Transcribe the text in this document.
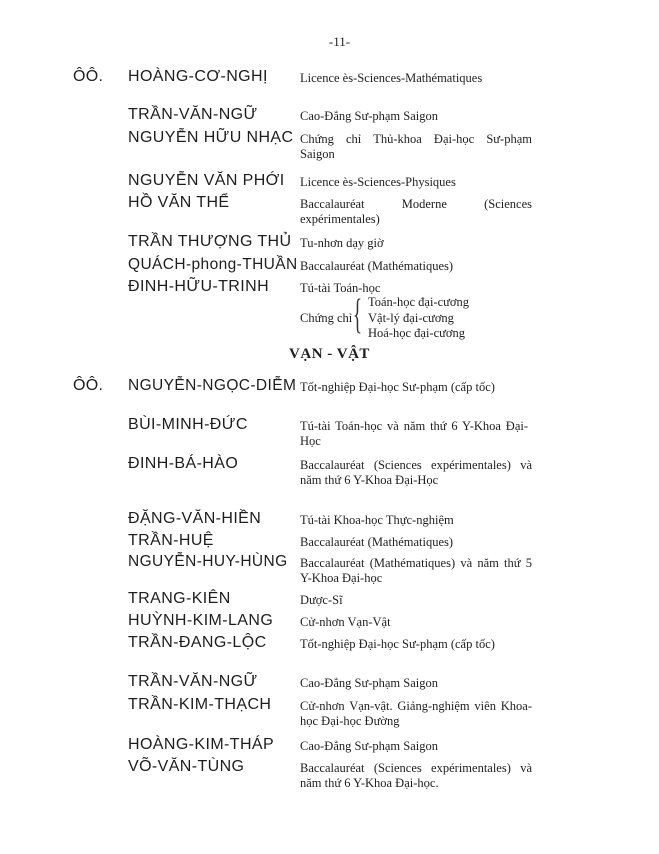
-11-
ÔÔ. HOÀNG-CƠ-NGHỊ	Licence ès-Sciences-Mathématiques
TRẦN-VĂN-NGỮ	Cao-Đẳng Sư-phạm Saigon
NGUYỄN HỮU NHẠC Chứng chỉ Thủ-khoa Đại-học Sư-phạm Saigon
NGUYỄN VĂN PHỚI Licence ès-Sciences-Physiques
HỒ VĂN THỂ	Baccalauréat Moderne (Sciences expérimentales)
TRẦN THƯỢNG THỦ Tu-nhơn dạy giờ
QUÁCH-phong-THUẦN Baccalauréat (Mathématiques)
ĐINH-HỮU-TRINH Tú-tài Toán-học
Chứng chỉ { Toán-học đại-cương
Vật-lý đại-cương
Hoá-học đại-cương
VẠN - VẬT
ÔÔ. NGUYỄN-NGỌC-DIỄM Tốt-nghiệp Đại-học Sư-phạm (cấp tốc)
BÙI-MINH-ĐỨC	Tú-tài Toán-học và năm thứ 6 Y-Khoa Đại-Học
ĐINH-BÁ-HÀO	Baccalauréat (Sciences expérimentales) và năm thứ 6 Y-Khoa Đại-Học
ĐẶNG-VĂN-HIỀN	Tú-tài Khoa-học Thực-nghiệm
TRẦN-HUỆ	Baccalauréat (Mathématiques)
NGUYỄN-HUY-HÙNG Baccalauréat (Mathématiques) và năm thứ 5 Y-Khoa Đại-học
TRANG-KIÊN	Dược-Sĩ
HUỲNH-KIM-LANG Cử-nhơn Vạn-Vật
TRẦN-ĐANG-LỘC	Tốt-nghiệp Đại-học Sư-phạm (cấp tốc)
TRẦN-VĂN-NGỮ	Cao-Đẳng Sư-phạm Saigon
TRẦN-KIM-THẠCH Cử-nhơn Vạn-vật. Giảng-nghiệm viên Khoa-học Đại-học Đường
HOÀNG-KIM-THÁP Cao-Đẳng Sư-phạm Saigon
VÕ-VĂN-TÙNG	Baccalauréat (Sciences expérimentales) và năm thứ 6 Y-Khoa Đại-học.
